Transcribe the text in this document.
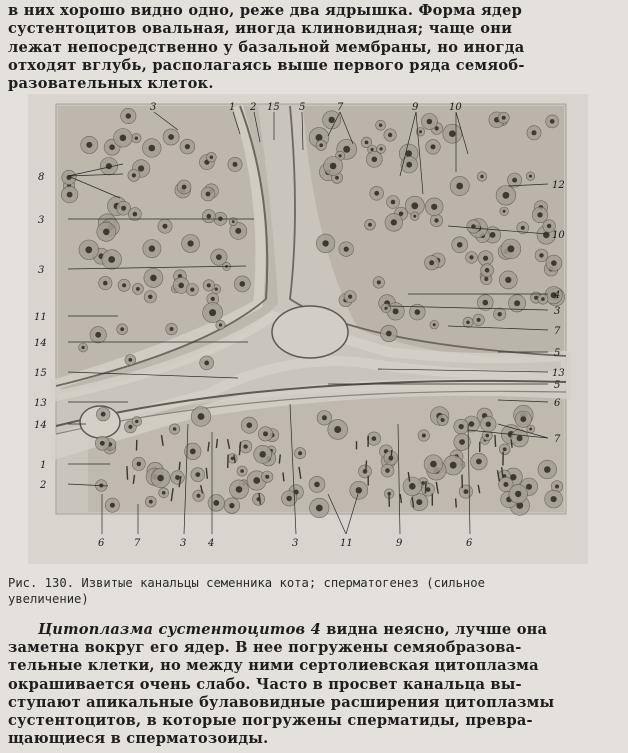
в них хорошо видно одно, реже два ядрышка. Форма ядер
сустентоцитов овальная, иногда клиновидная; чаще они
лежат непосредственно у базальной мембраны, но иногда
отходят вглубь, располагаясь выше первого ряда семяоб-
разовательных клеток.
3	1 2 15 5	7	9	10
8
3
3
11
14
15
13
14
1
2
12
10
4
3
7
5
13
5
6
7
6	7	3 4	3	11	9	6
Рис. 130. Извитые канальцы семенника кота; сперматогенез (сильное
увеличение)
Цитоплазма сустентоцитов 4 видна неясно, лучше она
заметна вокруг его ядер. В нее погружены семяобразова-
тельные клетки, но между ними сертолиевская цитоплазма
окрашивается очень слабо. Часто в просвет канальца вы-
ступают апикальные булавовидные расширения цитоплазмы
сустентоцитов, в которые погружены сперматиды, превра-
щающиеся в сперматозоиды.
